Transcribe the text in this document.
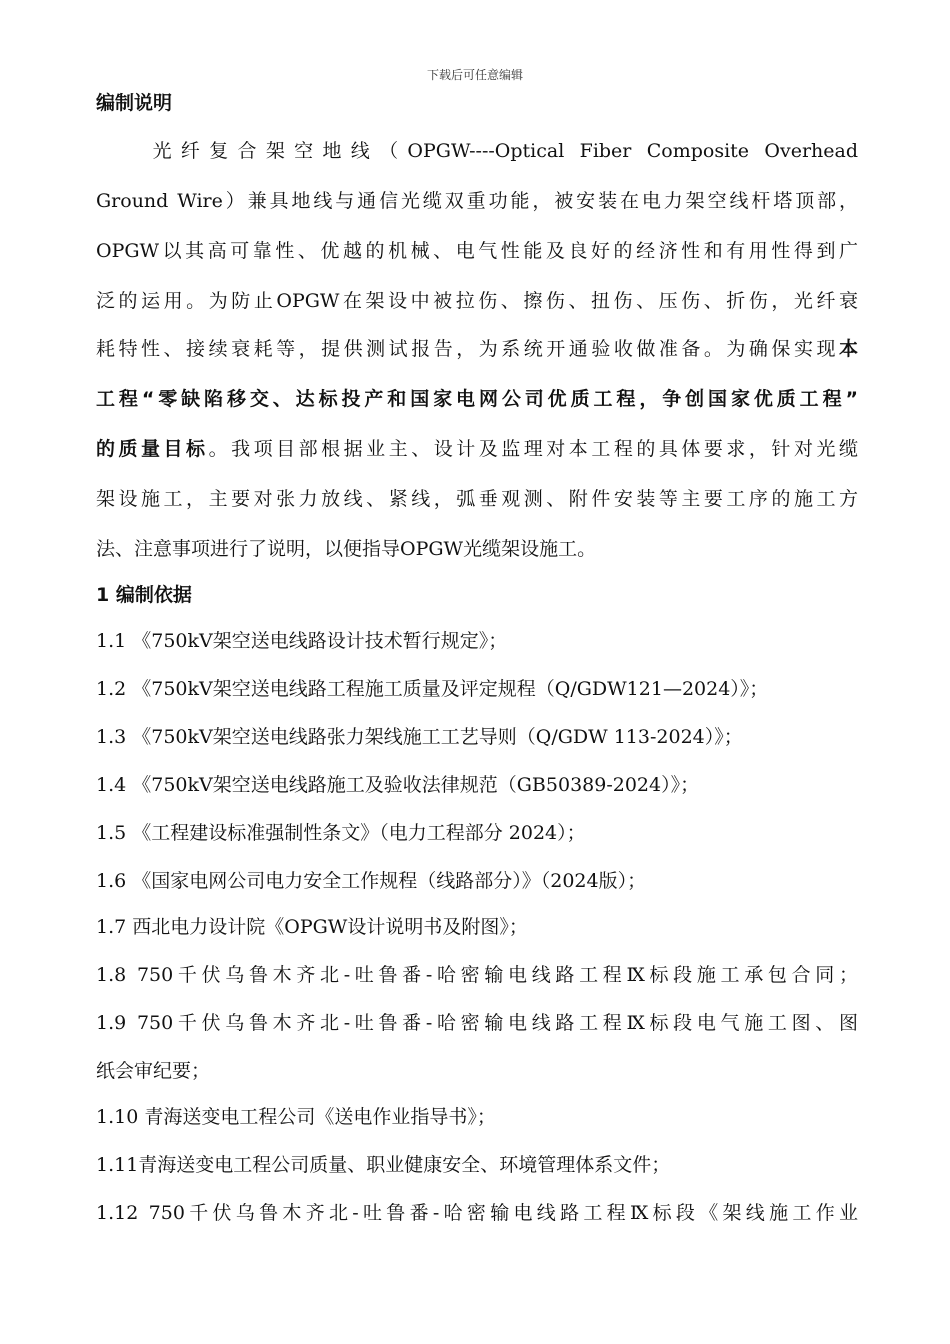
下载后可任意编辑
编制说明
　　光纤复合架空地线（OPGW----Optical Fiber Composite Overhead
Ground Wire）兼具地线与通信光缆双重功能，被安装在电力架空线杆塔顶部，
OPGW以其高可靠性、优越的机械、电气性能及良好的经济性和有用性得到广
泛的运用。为防止OPGW在架设中被拉伤、擦伤、扭伤、压伤、折伤，光纤衰
耗特性、接续衰耗等，提供测试报告，为系统开通验收做准备。为确保实现本
工程“零缺陷移交、达标投产和国家电网公司优质工程，争创国家优质工程”
的质量目标。我项目部根据业主、设计及监理对本工程的具体要求，针对光缆
架设施工，主要对张力放线、紧线，弧垂观测、附件安装等主要工序的施工方
法、注意事项进行了说明，以便指导OPGW光缆架设施工。
1 编制依据
1.1 《750kV架空送电线路设计技术暂行规定》；
1.2 《750kV架空送电线路工程施工质量及评定规程（Q/GDW121—2024）》；
1.3 《750kV架空送电线路张力架线施工工艺导则（Q/GDW 113-2024）》；
1.4 《750kV架空送电线路施工及验收法律规范（GB50389-2024）》；
1.5 《工程建设标准强制性条文》（电力工程部分 2024）；
1.6 《国家电网公司电力安全工作规程（线路部分）》（2024版）；
1.7 西北电力设计院《OPGW设计说明书及附图》；
1.8 750千伏乌鲁木齐北-吐鲁番-哈密输电线路工程Ⅸ标段施工承包合同；
1.9 750千伏乌鲁木齐北-吐鲁番-哈密输电线路工程Ⅸ标段电气施工图、图
纸会审纪要；
1.10 青海送变电工程公司《送电作业指导书》；
1.11青海送变电工程公司质量、职业健康安全、环境管理体系文件；
1.12 750千伏乌鲁木齐北-吐鲁番-哈密输电线路工程Ⅸ标段《架线施工作业
